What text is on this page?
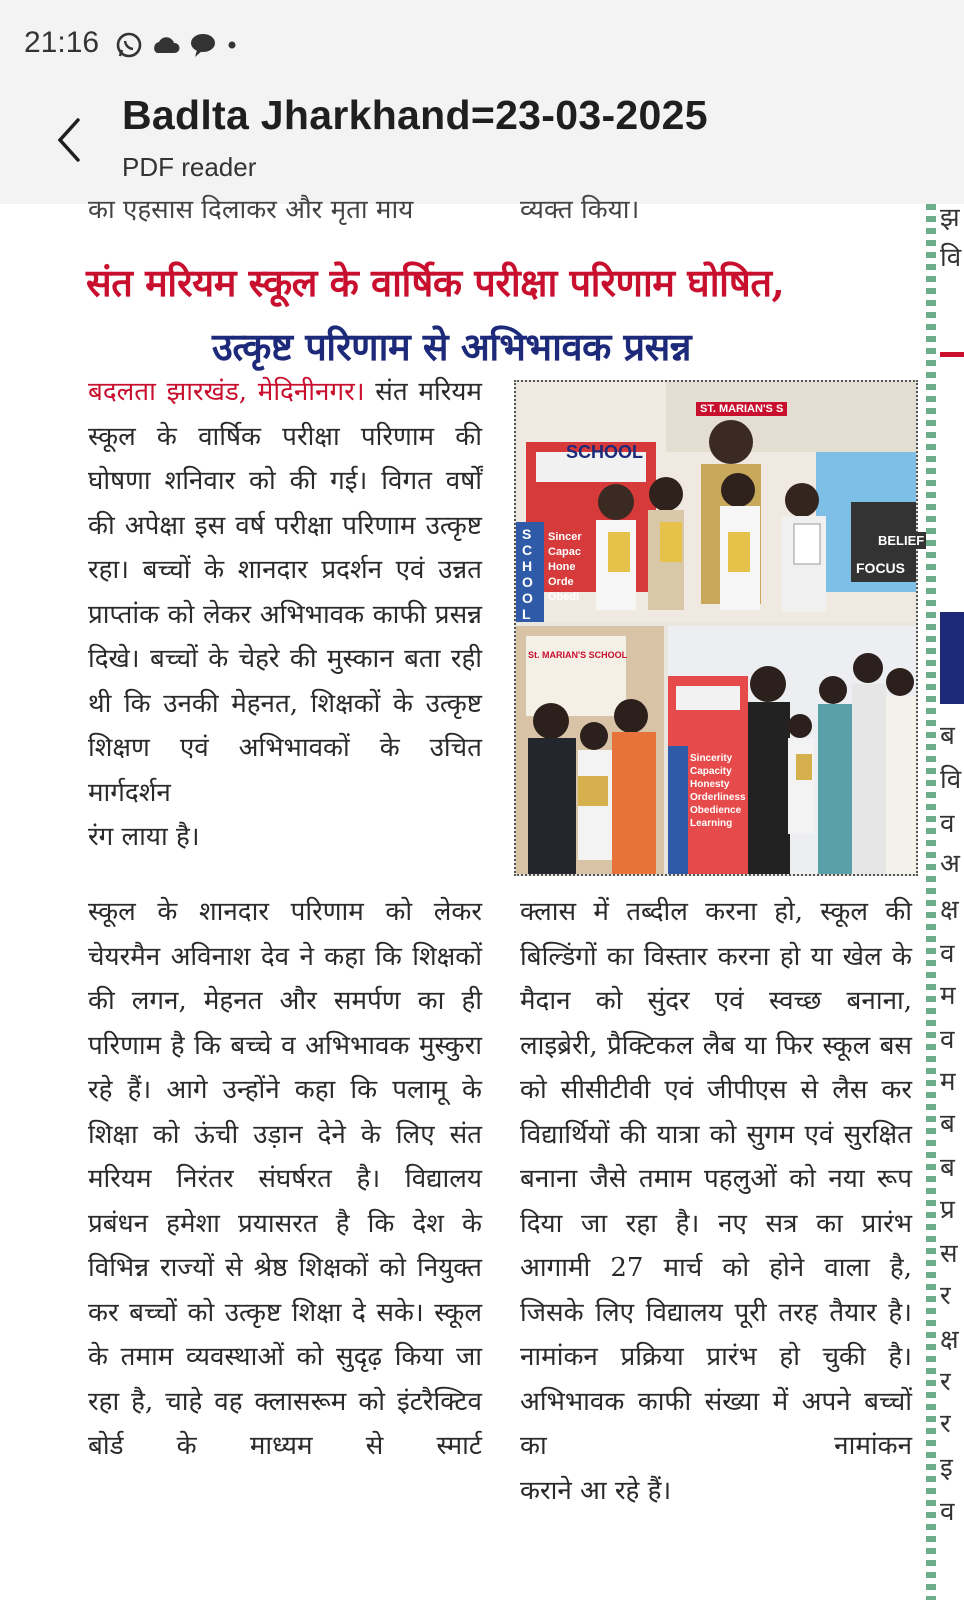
21:16
Badlta Jharkhand=23-03-2025
PDF reader
का एहसास दिलाकर और मृता माय	व्यक्त किया।
संत मरियम स्कूल के वार्षिक परीक्षा परिणाम घोषित,
उत्कृष्ट परिणाम से अभिभावक प्रसन्न

बदलता झारखंड, मेदिनीनगर। संत मरियम स्कूल के वार्षिक परीक्षा परिणाम की घोषणा शनिवार को की गई। विगत वर्षों की अपेक्षा इस वर्ष परीक्षा परिणाम उत्कृष्ट रहा। बच्चों के शानदार प्रदर्शन एवं उन्नत प्राप्तांक को लेकर अभिभावक काफी प्रसन्न दिखे। बच्चों के चेहरे की मुस्कान बता रही थी कि उनकी मेहनत, शिक्षकों के उत्कृष्ट शिक्षण एवं अभिभावकों के उचित मार्गदर्शन

रंग लाया है।

SCHOOL
BELIEF
FOCUS
ST. MARIAN'S S
Sincer
Capac
Hone
Orde
Obedi
SCHOOL
St. MARIAN'S SCHOOL
Sincerity
Capacity
Honesty
Orderliness
Obedience
Learning

स्कूल के शानदार परिणाम को लेकर चेयरमैन अविनाश देव ने कहा कि शिक्षकों की लगन, मेहनत और समर्पण का ही परिणाम है कि बच्चे व अभिभावक मुस्कुरा रहे हैं। आगे उन्होंने कहा कि पलामू के शिक्षा को ऊंची उड़ान देने के लिए संत मरियम निरंतर संघर्षरत है। विद्यालय प्रबंधन हमेशा प्रयासरत है कि देश के विभिन्न राज्यों से श्रेष्ठ शिक्षकों को नियुक्त कर बच्चों को उत्कृष्ट शिक्षा दे सके। स्कूल के तमाम व्यवस्थाओं को सुदृढ़ किया जा रहा है, चाहे वह क्लासरूम को इंटरैक्टिव बोर्ड के माध्यम से स्मार्ट

क्लास में तब्दील करना हो, स्कूल की बिल्डिंगों का विस्तार करना हो या खेल के मैदान को सुंदर एवं स्वच्छ बनाना, लाइब्रेरी, प्रैक्टिकल लैब या फिर स्कूल बस को सीसीटीवी एवं जीपीएस से लैस कर विद्यार्थियों की यात्रा को सुगम एवं सुरक्षित बनाना जैसे तमाम पहलुओं को नया रूप दिया जा रहा है। नए सत्र का प्रारंभ आगामी 27 मार्च को होने वाला है, जिसके लिए विद्यालय पूरी तरह तैयार है। नामांकन प्रक्रिया प्रारंभ हो चुकी है। अभिभावक काफी संख्या में अपने बच्चों का नामांकन

कराने आ रहे हैं।

झ
वि
ब
वि
व
अ
क्ष
व
म
व
म
ब
ब
प्र
स
र
क्ष
र
र
इ
व
